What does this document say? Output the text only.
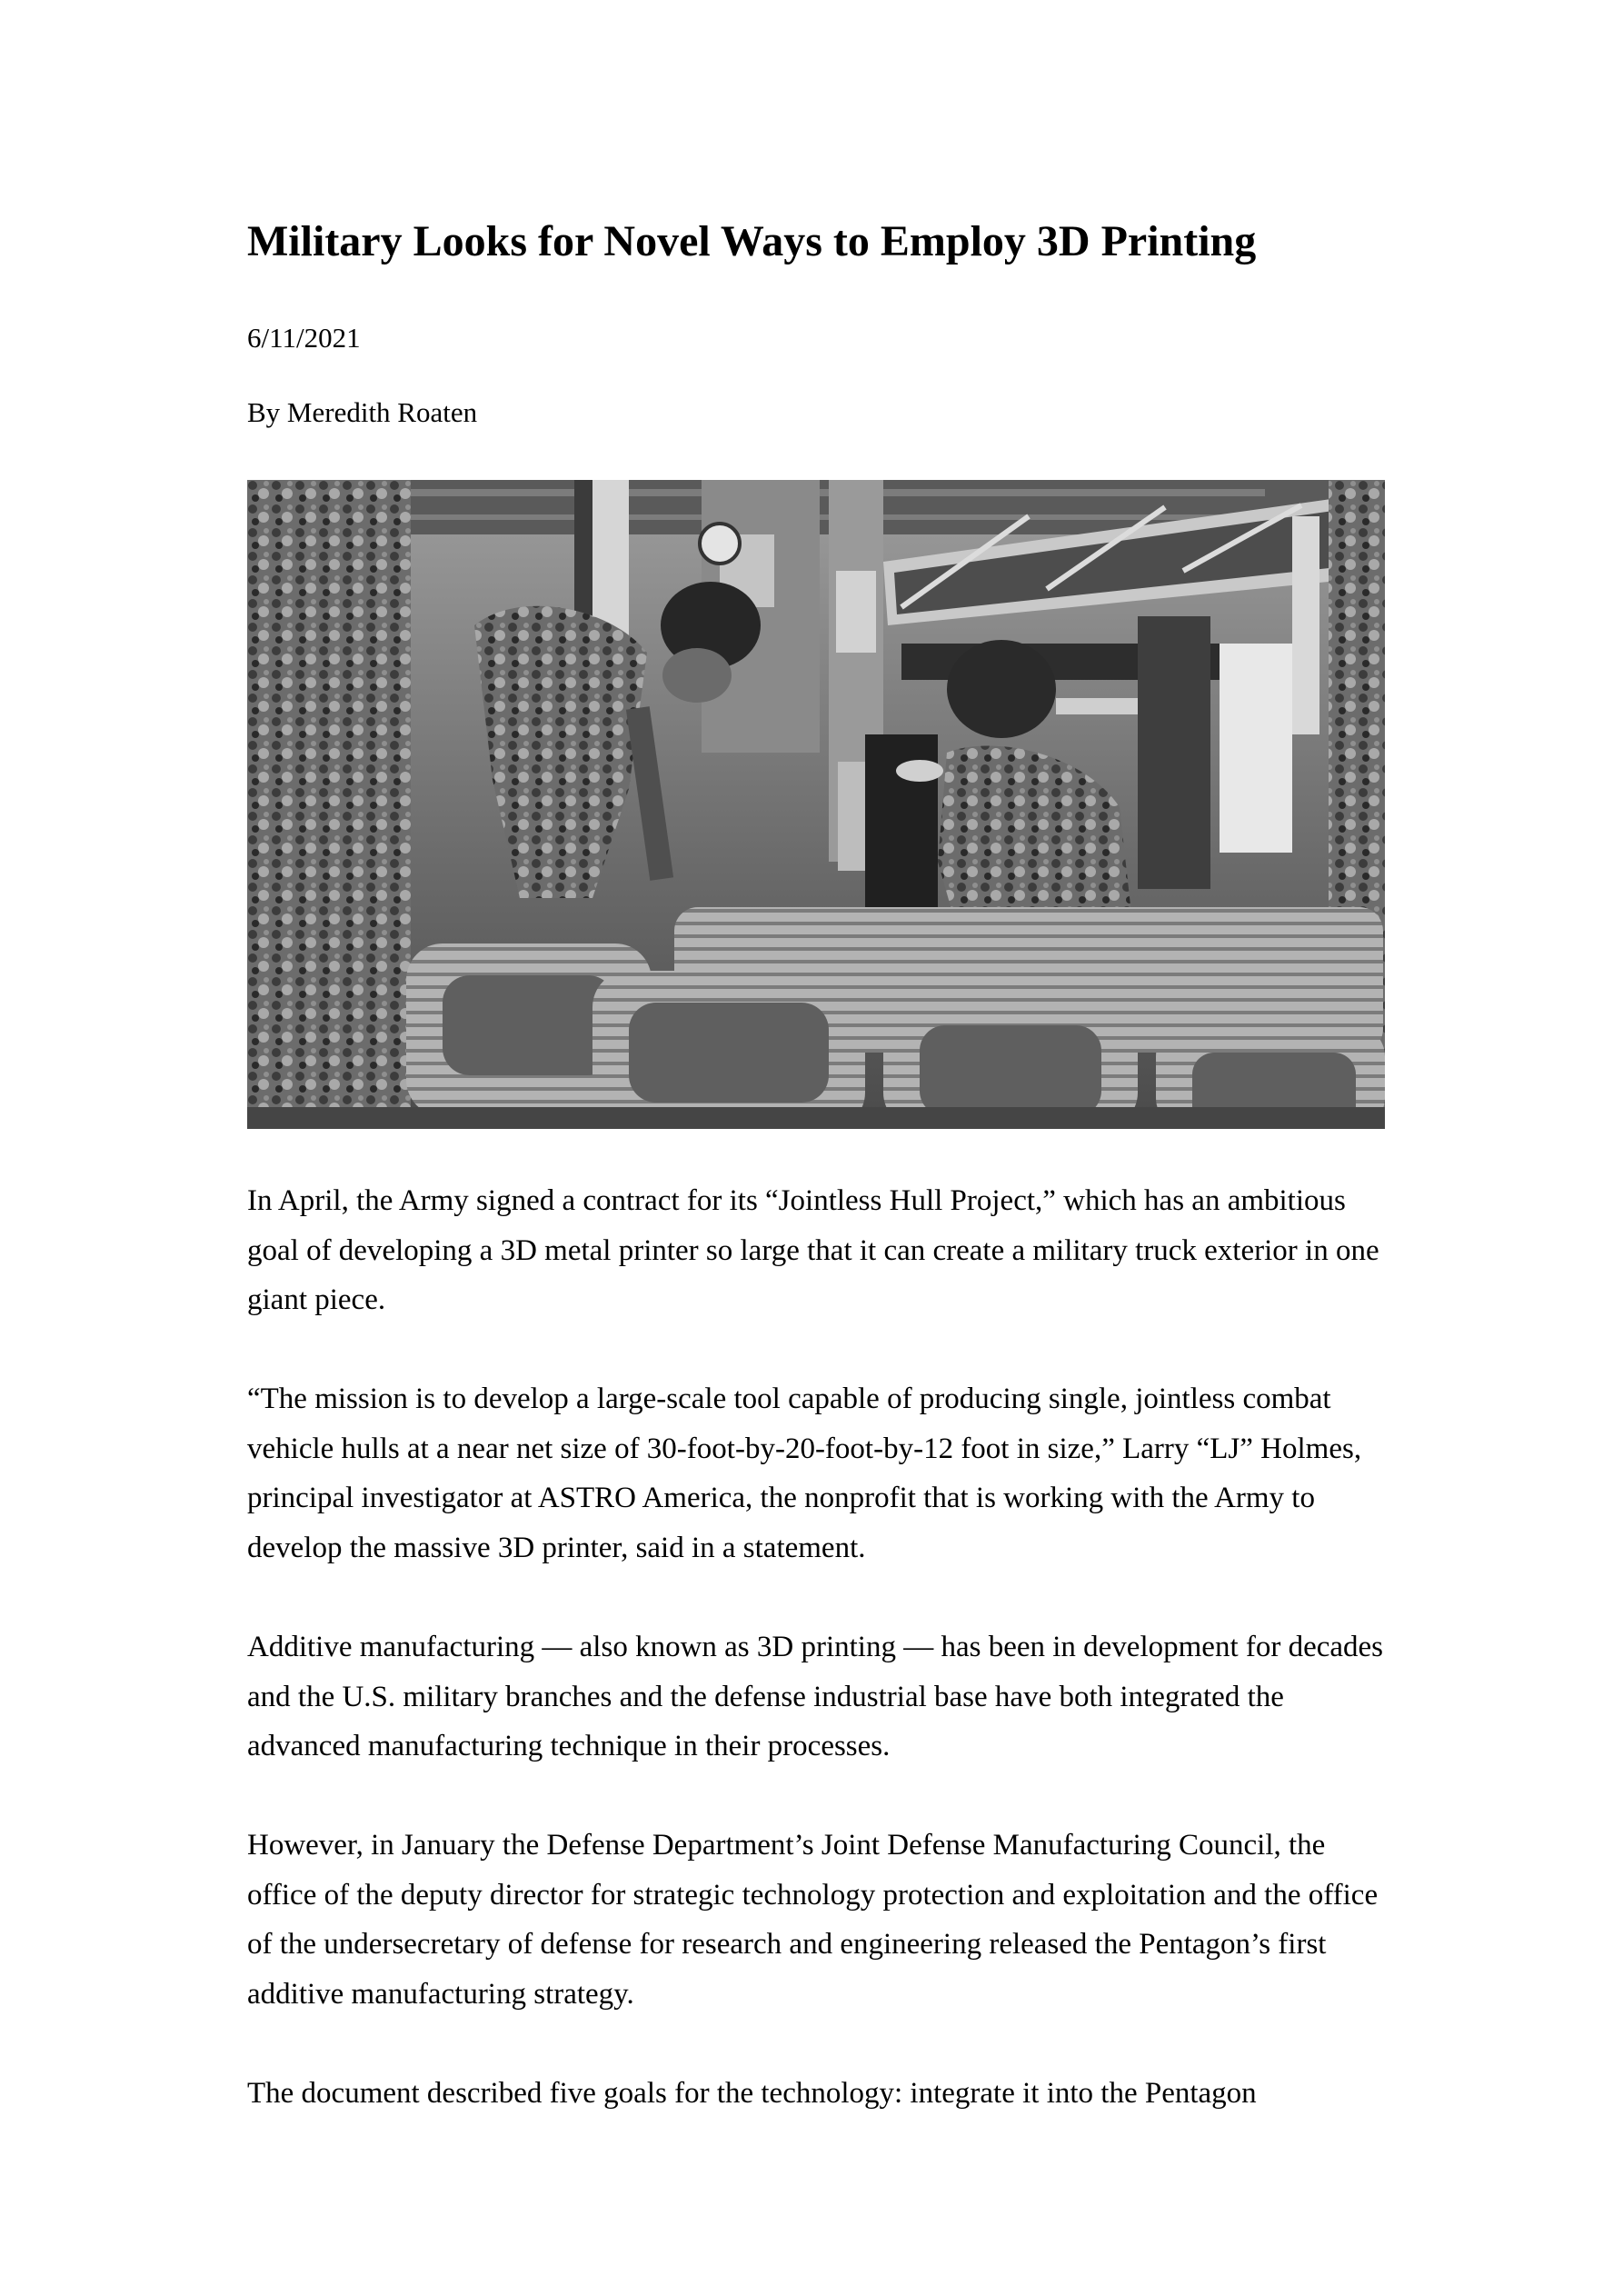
Military Looks for Novel Ways to Employ 3D Printing
6/11/2021
By Meredith Roaten

In April, the Army signed a contract for its “Jointless Hull Project,” which has an ambitious goal of developing a 3D metal printer so large that it can create a military truck exterior in one giant piece.

“The mission is to develop a large-scale tool capable of producing single, jointless combat vehicle hulls at a near net size of 30-foot-by-20-foot-by-12 foot in size,” Larry “LJ” Holmes, principal investigator at ASTRO America, the nonprofit that is working with the Army to develop the massive 3D printer, said in a statement.

Additive manufacturing — also known as 3D printing — has been in development for decades and the U.S. military branches and the defense industrial base have both integrated the advanced manufacturing technique in their processes.

However, in January the Defense Department’s Joint Defense Manufacturing Council, the office of the deputy director for strategic technology protection and exploitation and the office of the undersecretary of defense for research and engineering released the Pentagon’s first additive manufacturing strategy.

The document described five goals for the technology: integrate it into the Pentagon
